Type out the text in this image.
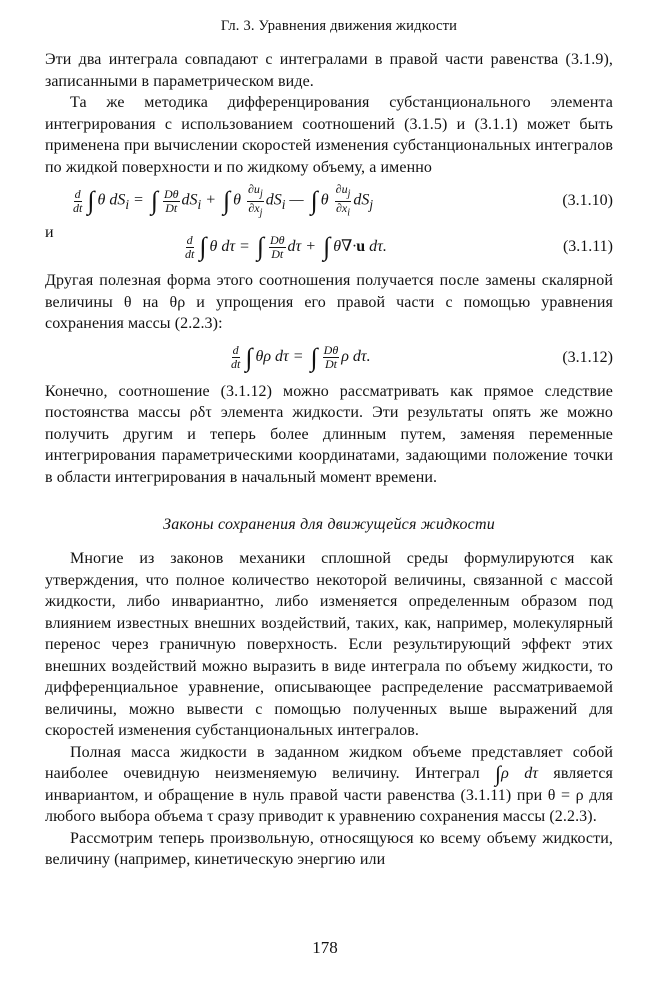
Гл. 3. Уравнения движения жидкости

Эти два интеграла совпадают с интегралами в правой части равенства (3.1.9), записанными в параметрическом виде.

Та же методика дифференцирования субстанционального элемента интегрирования с использованием соотношений (3.1.5) и (3.1.1) может быть применена при вычислении скоростей изменения субстанциональных интегралов по жидкой поверхности и по жидкому объему, а именно

$\frac{d}{dt}$ ∫ θ $dS_i$ = ∫ $\frac{D\theta}{Dt} dS_i$ + ∫ θ $\frac{\partial u_j}{\partial x_j} dS_i$ — ∫ θ $\frac{\partial u_j}{\partial x_i} dS_j$	(3.1.10)
и
$\frac{d}{dt}$ ∫ θ dτ = ∫ $\frac{D\theta}{Dt}$ dτ + ∫ θ∇·u dτ.	(3.1.11)

Другая полезная форма этого соотношения получается после замены скалярной величины θ на θρ и упрощения его правой части с помощью уравнения сохранения массы (2.2.3):

$\frac{d}{dt}$ ∫ θρ dτ = ∫ $\frac{D\theta}{Dt}$ ρ dτ.	(3.1.12)

Конечно, соотношение (3.1.12) можно рассматривать как прямое следствие постоянства массы ρδτ элемента жидкости. Эти результаты опять же можно получить другим и теперь более длинным путем, заменяя переменные интегрирования параметрическими координатами, задающими положение точки в области интегрирования в начальный момент времени.

Законы сохранения для движущейся жидкости

Многие из законов механики сплошной среды формулируются как утверждения, что полное количество некоторой величины, связанной с массой жидкости, либо инвариантно, либо изменяется определенным образом под влиянием известных внешних воздействий, таких, как, например, молекулярный перенос через граничную поверхность. Если результирующий эффект этих внешних воздействий можно выразить в виде интеграла по объему жидкости, то дифференциальное уравнение, описывающее распределение рассматриваемой величины, можно вывести с помощью полученных выше выражений для скоростей изменения субстанциональных интегралов.

Полная масса жидкости в заданном жидком объеме представляет собой наиболее очевидную неизменяемую величину. Интеграл ∫ρ dτ является инвариантом, и обращение в нуль правой части равенства (3.1.11) при θ = ρ для любого выбора объема τ сразу приводит к уравнению сохранения массы (2.2.3).

Рассмотрим теперь произвольную, относящуюся ко всему объему жидкости, величину (например, кинетическую энергию или

178
